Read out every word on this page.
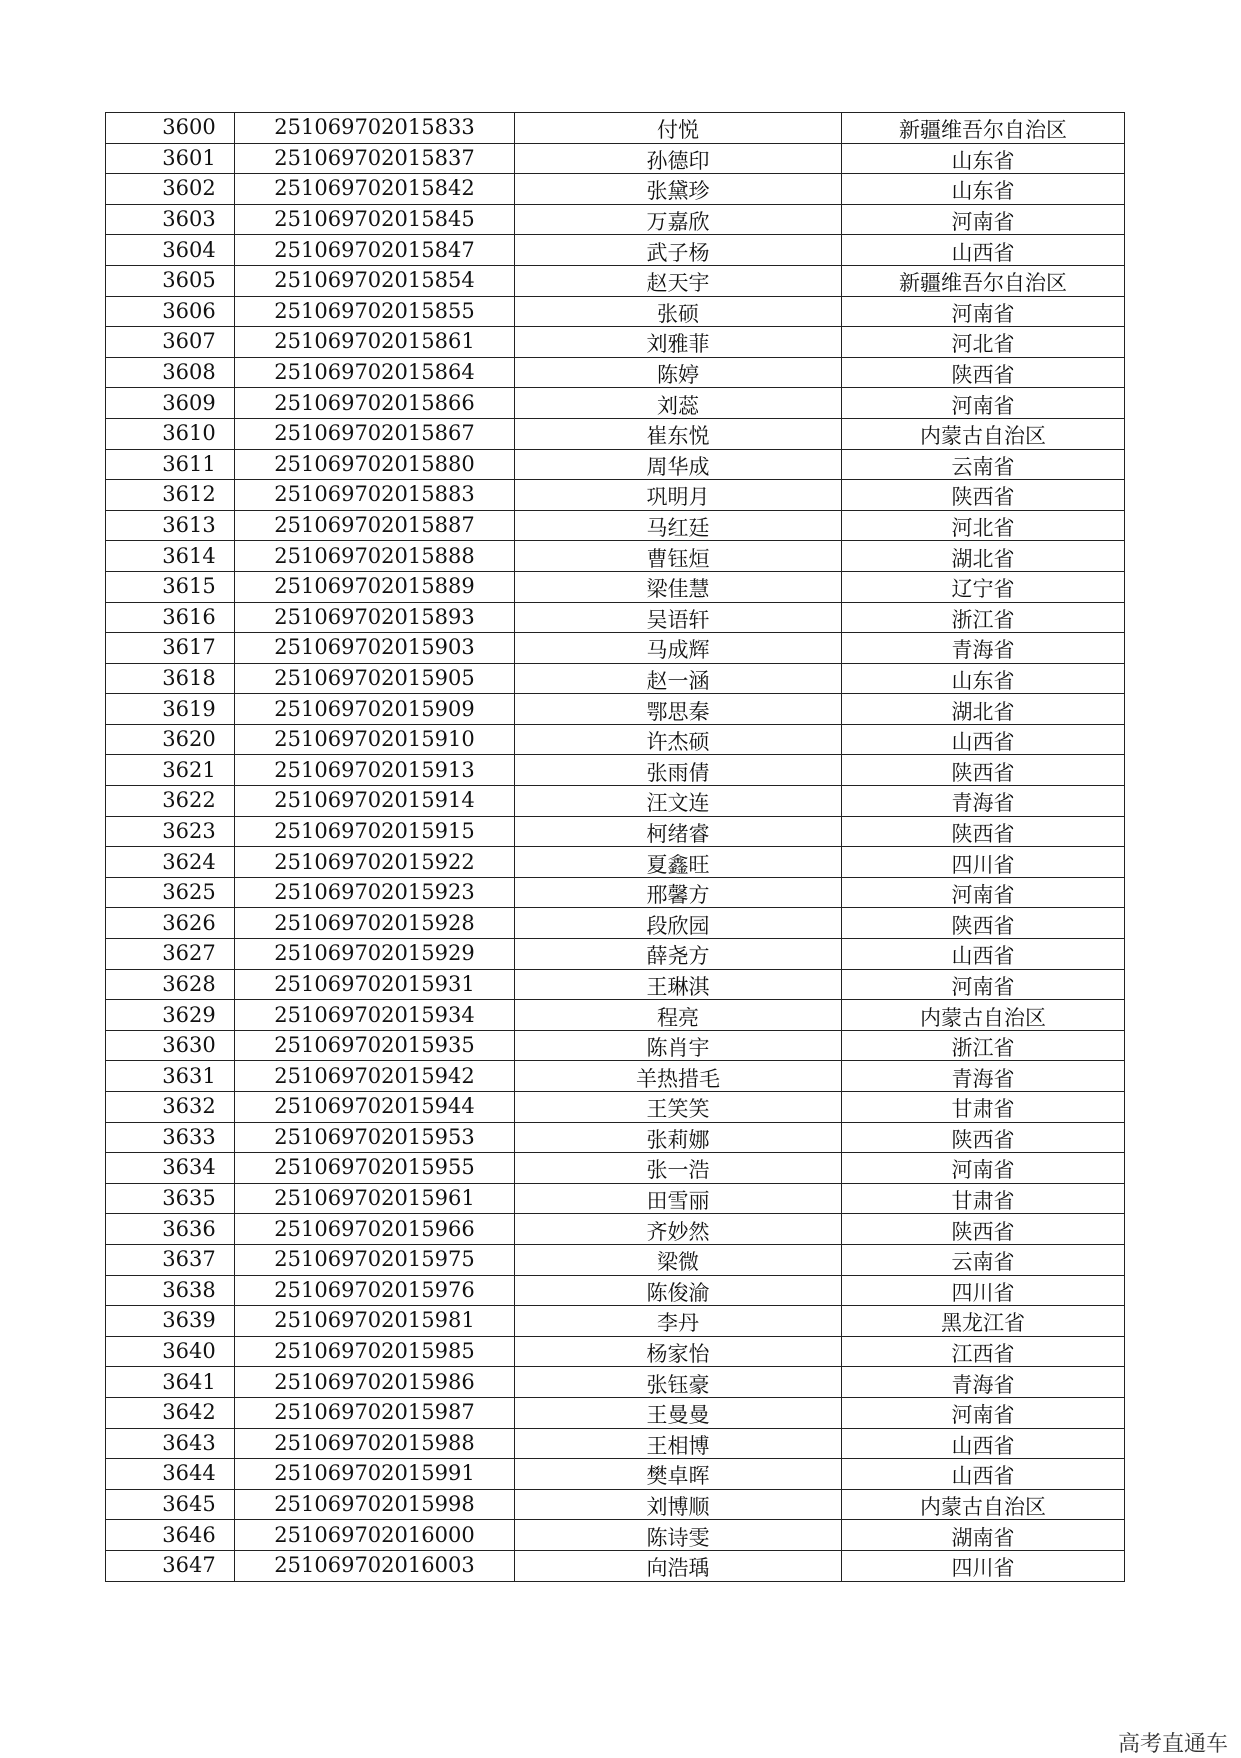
3600	251069702015833	付悦	新疆维吾尔自治区
3601	251069702015837	孙德印	山东省
3602	251069702015842	张黛珍	山东省
3603	251069702015845	万嘉欣	河南省
3604	251069702015847	武子杨	山西省
3605	251069702015854	赵天宇	新疆维吾尔自治区
3606	251069702015855	张硕	河南省
3607	251069702015861	刘雅菲	河北省
3608	251069702015864	陈婷	陕西省
3609	251069702015866	刘蕊	河南省
3610	251069702015867	崔东悦	内蒙古自治区
3611	251069702015880	周华成	云南省
3612	251069702015883	巩明月	陕西省
3613	251069702015887	马红廷	河北省
3614	251069702015888	曹钰烜	湖北省
3615	251069702015889	梁佳慧	辽宁省
3616	251069702015893	吴语轩	浙江省
3617	251069702015903	马成辉	青海省
3618	251069702015905	赵一涵	山东省
3619	251069702015909	鄂思秦	湖北省
3620	251069702015910	许杰硕	山西省
3621	251069702015913	张雨倩	陕西省
3622	251069702015914	汪文连	青海省
3623	251069702015915	柯绪睿	陕西省
3624	251069702015922	夏鑫旺	四川省
3625	251069702015923	邢馨方	河南省
3626	251069702015928	段欣园	陕西省
3627	251069702015929	薛尧方	山西省
3628	251069702015931	王琳淇	河南省
3629	251069702015934	程亮	内蒙古自治区
3630	251069702015935	陈肖宇	浙江省
3631	251069702015942	羊热措毛	青海省
3632	251069702015944	王笑笑	甘肃省
3633	251069702015953	张莉娜	陕西省
3634	251069702015955	张一浩	河南省
3635	251069702015961	田雪丽	甘肃省
3636	251069702015966	齐妙然	陕西省
3637	251069702015975	梁微	云南省
3638	251069702015976	陈俊渝	四川省
3639	251069702015981	李丹	黑龙江省
3640	251069702015985	杨家怡	江西省
3641	251069702015986	张钰豪	青海省
3642	251069702015987	王曼曼	河南省
3643	251069702015988	王相博	山西省
3644	251069702015991	樊卓晖	山西省
3645	251069702015998	刘博顺	内蒙古自治区
3646	251069702016000	陈诗雯	湖南省
3647	251069702016003	向浩瑀	四川省
高考直通车
